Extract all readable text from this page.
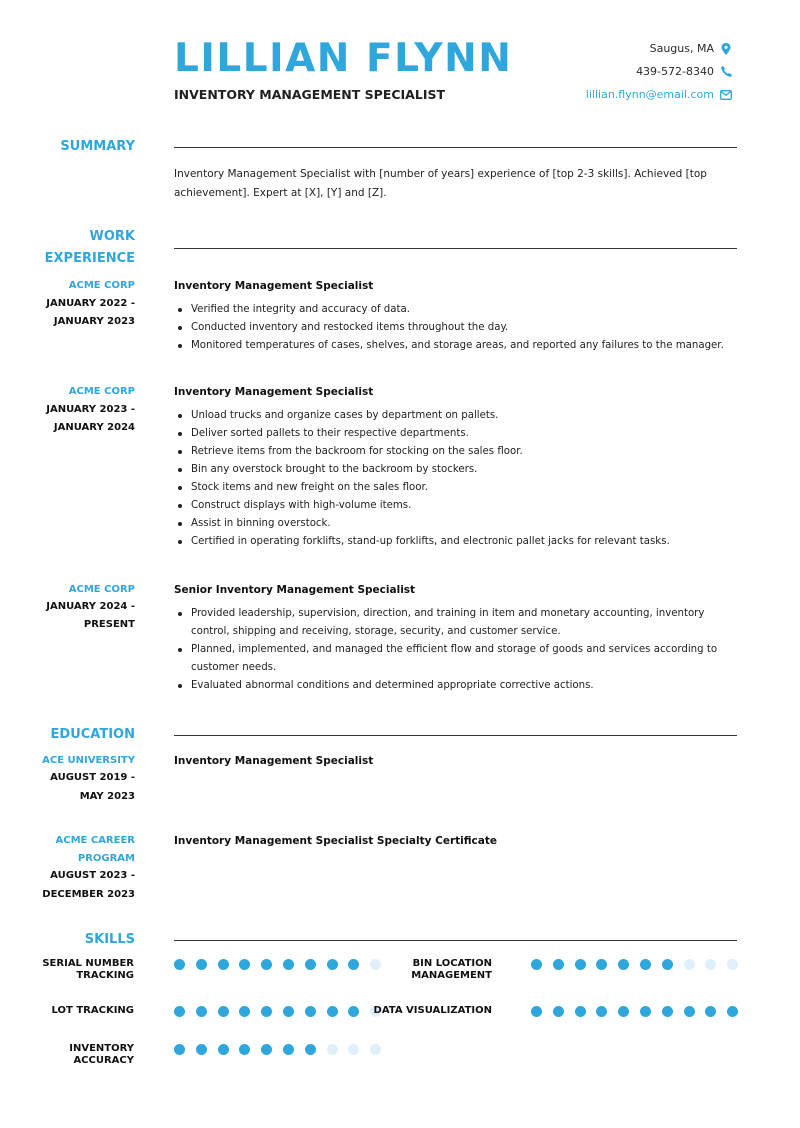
LILLIAN FLYNN
INVENTORY MANAGEMENT SPECIALIST
Saugus, MA
439-572-8340
lillian.flynn@email.com
SUMMARY
Inventory Management Specialist with [number of years] experience of [top 2-3 skills]. Achieved [top achievement]. Expert at [X], [Y] and [Z].
WORK
EXPERIENCE
ACME CORP
JANUARY 2022 -
JANUARY 2023
Inventory Management Specialist
Verified the integrity and accuracy of data.
Conducted inventory and restocked items throughout the day.
Monitored temperatures of cases, shelves, and storage areas, and reported any failures to the manager.
ACME CORP
JANUARY 2023 -
JANUARY 2024
Inventory Management Specialist
Unload trucks and organize cases by department on pallets.
Deliver sorted pallets to their respective departments.
Retrieve items from the backroom for stocking on the sales floor.
Bin any overstock brought to the backroom by stockers.
Stock items and new freight on the sales floor.
Construct displays with high-volume items.
Assist in binning overstock.
Certified in operating forklifts, stand-up forklifts, and electronic pallet jacks for relevant tasks.
ACME CORP
JANUARY 2024 -
PRESENT
Senior Inventory Management Specialist
Provided leadership, supervision, direction, and training in item and monetary accounting, inventory control, shipping and receiving, storage, security, and customer service.
Planned, implemented, and managed the efficient flow and storage of goods and services according to customer needs.
Evaluated abnormal conditions and determined appropriate corrective actions.
EDUCATION
ACE UNIVERSITY
AUGUST 2019 -
MAY 2023
Inventory Management Specialist
ACME CAREER
PROGRAM
AUGUST 2023 -
DECEMBER 2023
Inventory Management Specialist Specialty Certificate
SKILLS
SERIAL NUMBER
TRACKING
BIN LOCATION
MANAGEMENT
LOT TRACKING	DATA VISUALIZATION
INVENTORY
ACCURACY
